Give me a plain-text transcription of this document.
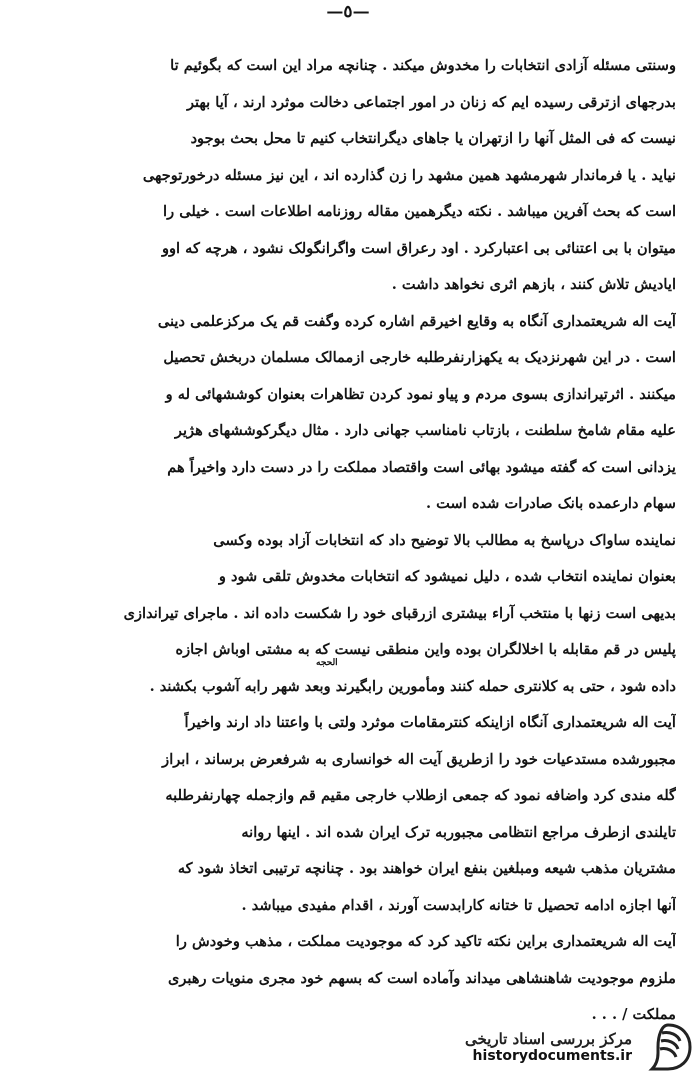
—٥—
وسنتی مسئله آزادی انتخابات را مخدوش میکند . چنانچه مراد این است که بگوئیم تا
بدرجهای ازترقی رسیده ایم که زنان در امور اجتماعی دخالت موثرد ارند ، آیا بهتر
نیست که فی المثل آنها را ازتهران یا جاهای دیگرانتخاب کنیم تا محل بحث بوجود
نیاید . یا فرماندار شهرمشهد همین مشهد را زن گذارده اند ، این نیز مسئله درخورتوجهی
است که بحث آفرین میباشد . نکته دیگرهمین مقاله روزنامه اطلاعات است . خیلی را
میتوان با بی اعتنائی بی اعتبارکرد . اود رعراق است واگرانگولک نشود ، هرچه که اوو
ایادیش تلاش کنند ، بازهم اثری نخواهد داشت .
آیت اله شریعتمداری آنگاه به وقایع اخیرقم اشاره کرده وگفت قم یک مرکزعلمی دینی
است . در این شهرنزدیک به یکهزارنفرطلبه خارجی ازممالک مسلمان دربخش تحصیل
میکنند . اثرتیراندازی بسوی مردم و پیاو نمود کردن تظاهرات بعنوان کوششهائی له و
علیه مقام شامخ سلطنت ، بازتاب نامناسب جهانی دارد . مثال دیگرکوششهای هژیر
یزدانی است که گفته میشود بهائی است واقتصاد مملکت را در دست دارد واخیراً هم
سهام دارعمده بانک صادرات شده است .
نماینده ساواک درپاسخ به مطالب بالا توضیح داد که انتخابات آزاد بوده وکسی
بعنوان نماینده انتخاب شده ، دلیل نمیشود که انتخابات مخدوش تلقی شود و
بدیهی است زنها با منتخب آراء بیشتری ازرقبای خود را شکست داده اند . ماجرای تیراندازی
پلیس در قم مقابله با اخلالگران بوده واین منطقی نیست که به مشتی اوباش اجازه
داده شود ، حتی به کلانتری حمله کنند ومأمورین رابگیرند وبعد شهر رابه آشوب بکشند .
آیت اله شریعتمداری آنگاه ازاینکه کنترمقامات موثرد ولتی با واعتنا داد ارند واخیراً
مجبورشده مستدعیات خود را ازطریق آیت اله خوانساری به شرفعرض برساند ، ابراز
گله مندی کرد واضافه نمود که جمعی ازطلاب خارجی مقیم قم وازجمله چهارنفرطلبه
تایلندی ازطرف مراجع انتظامی مجبوربه ترک ایران شده اند . اینها روانه
مشتریان مذهب شیعه ومبلغین بنفع ایران خواهند بود . چنانچه ترتیبی اتخاذ شود که
آنها اجازه ادامه تحصیل تا ختانه کارابدست آورند ، اقدام مفیدی میباشد .
آیت اله شریعتمداری براین نکته تاکید کرد که موجودیت مملکت ، مذهب وخودش را
ملزوم موجودیت شاهنشاهی میداند وآماده است که بسهم خود مجری منویات رهبری
مملکت / . . .
الحجه
مرکز بررسی اسناد تاریخی
historydocuments.ir
